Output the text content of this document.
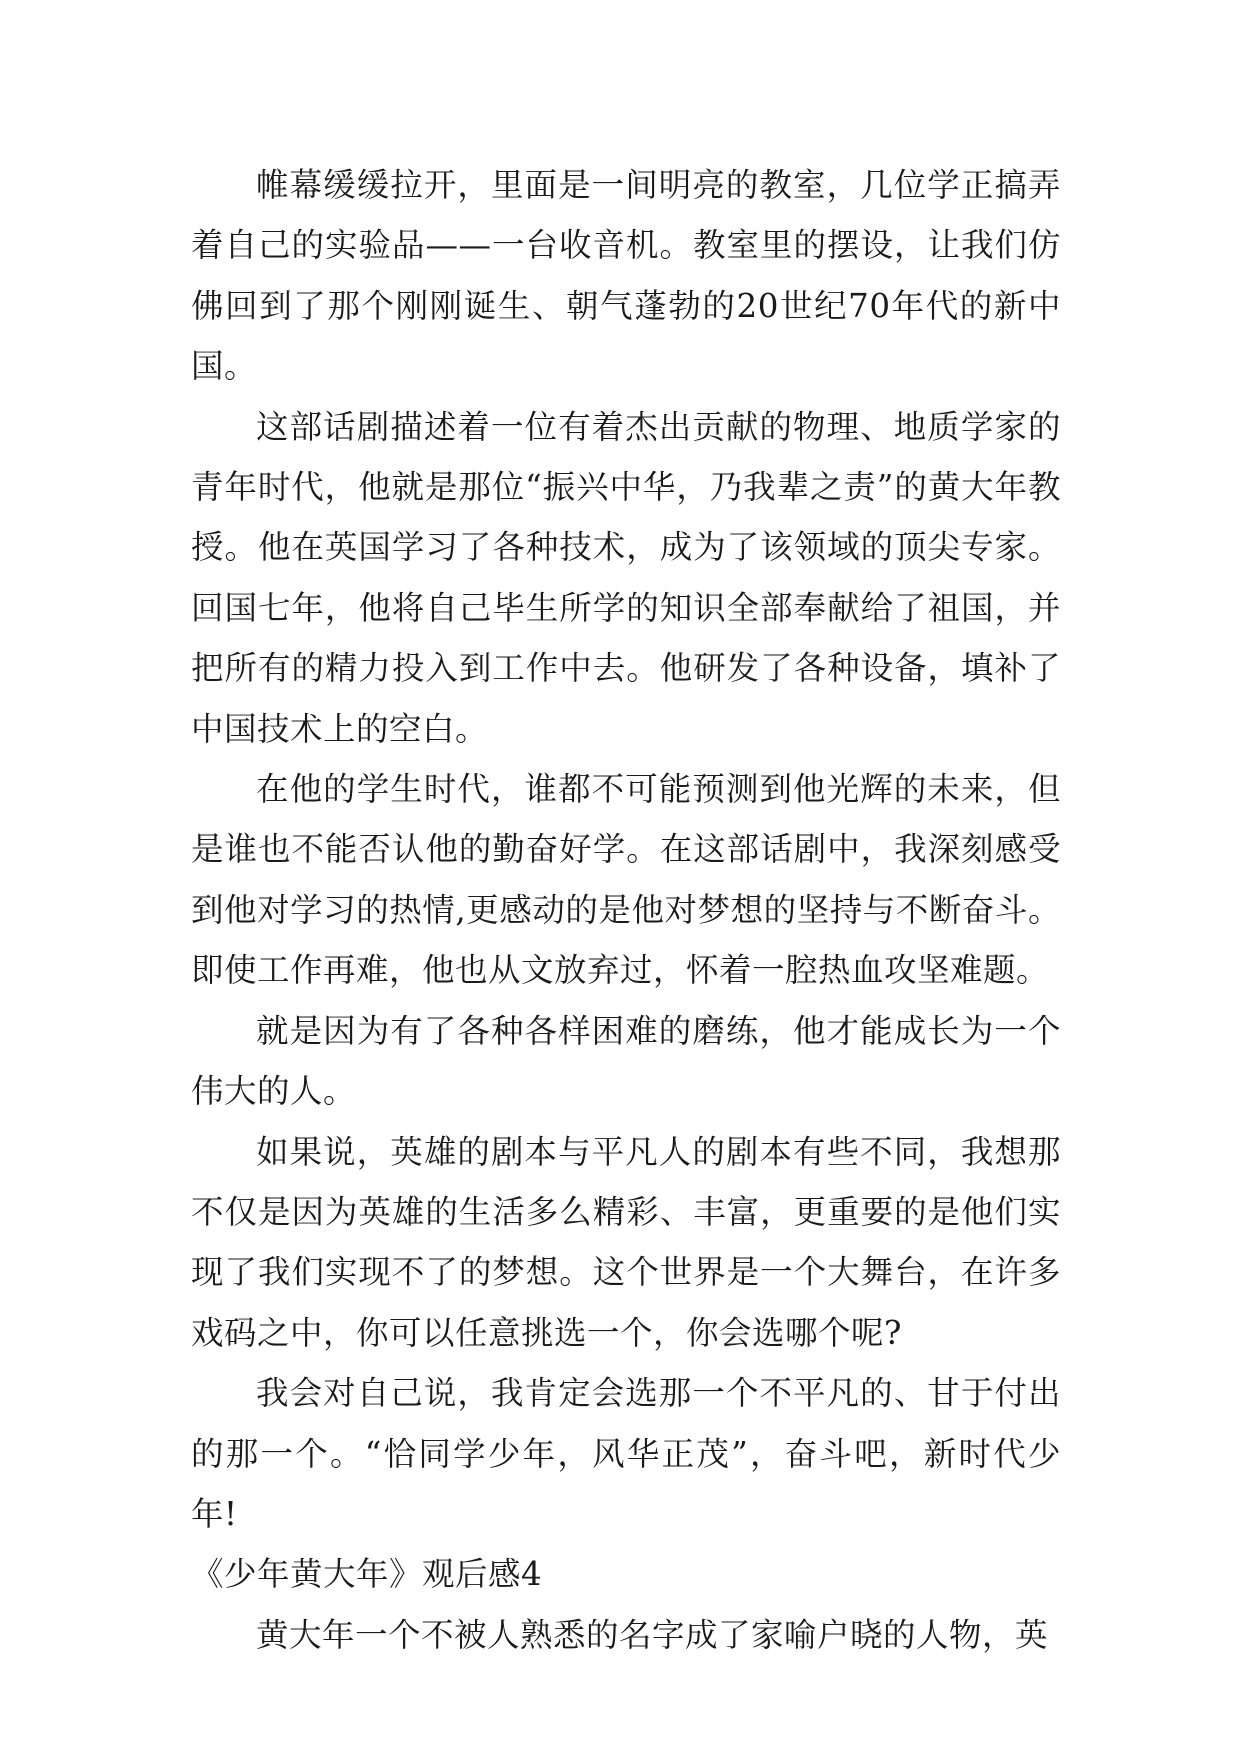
帷幕缓缓拉开，里面是一间明亮的教室，几位学正搞弄着自己的实验品——一台收音机。教室里的摆设，让我们仿佛回到了那个刚刚诞生、朝气蓬勃的20世纪70年代的新中国。

这部话剧描述着一位有着杰出贡献的物理、地质学家的青年时代，他就是那位“振兴中华，乃我辈之责”的黄大年教授。他在英国学习了各种技术，成为了该领域的顶尖专家。回国七年，他将自己毕生所学的知识全部奉献给了祖国，并把所有的精力投入到工作中去。他研发了各种设备，填补了中国技术上的空白。

在他的学生时代，谁都不可能预测到他光辉的未来，但是谁也不能否认他的勤奋好学。在这部话剧中，我深刻感受到他对学习的热情,更感动的是他对梦想的坚持与不断奋斗。即使工作再难，他也从文放弃过，怀着一腔热血攻坚难题。

就是因为有了各种各样困难的磨练，他才能成长为一个伟大的人。

如果说，英雄的剧本与平凡人的剧本有些不同，我想那不仅是因为英雄的生活多么精彩、丰富，更重要的是他们实现了我们实现不了的梦想。这个世界是一个大舞台，在许多戏码之中，你可以任意挑选一个，你会选哪个呢?

我会对自己说，我肯定会选那一个不平凡的、甘于付出的那一个。“恰同学少年，风华正茂”，奋斗吧，新时代少年!

《少年黄大年》观后感4

黄大年一个不被人熟悉的名字成了家喻户晓的人物，英
